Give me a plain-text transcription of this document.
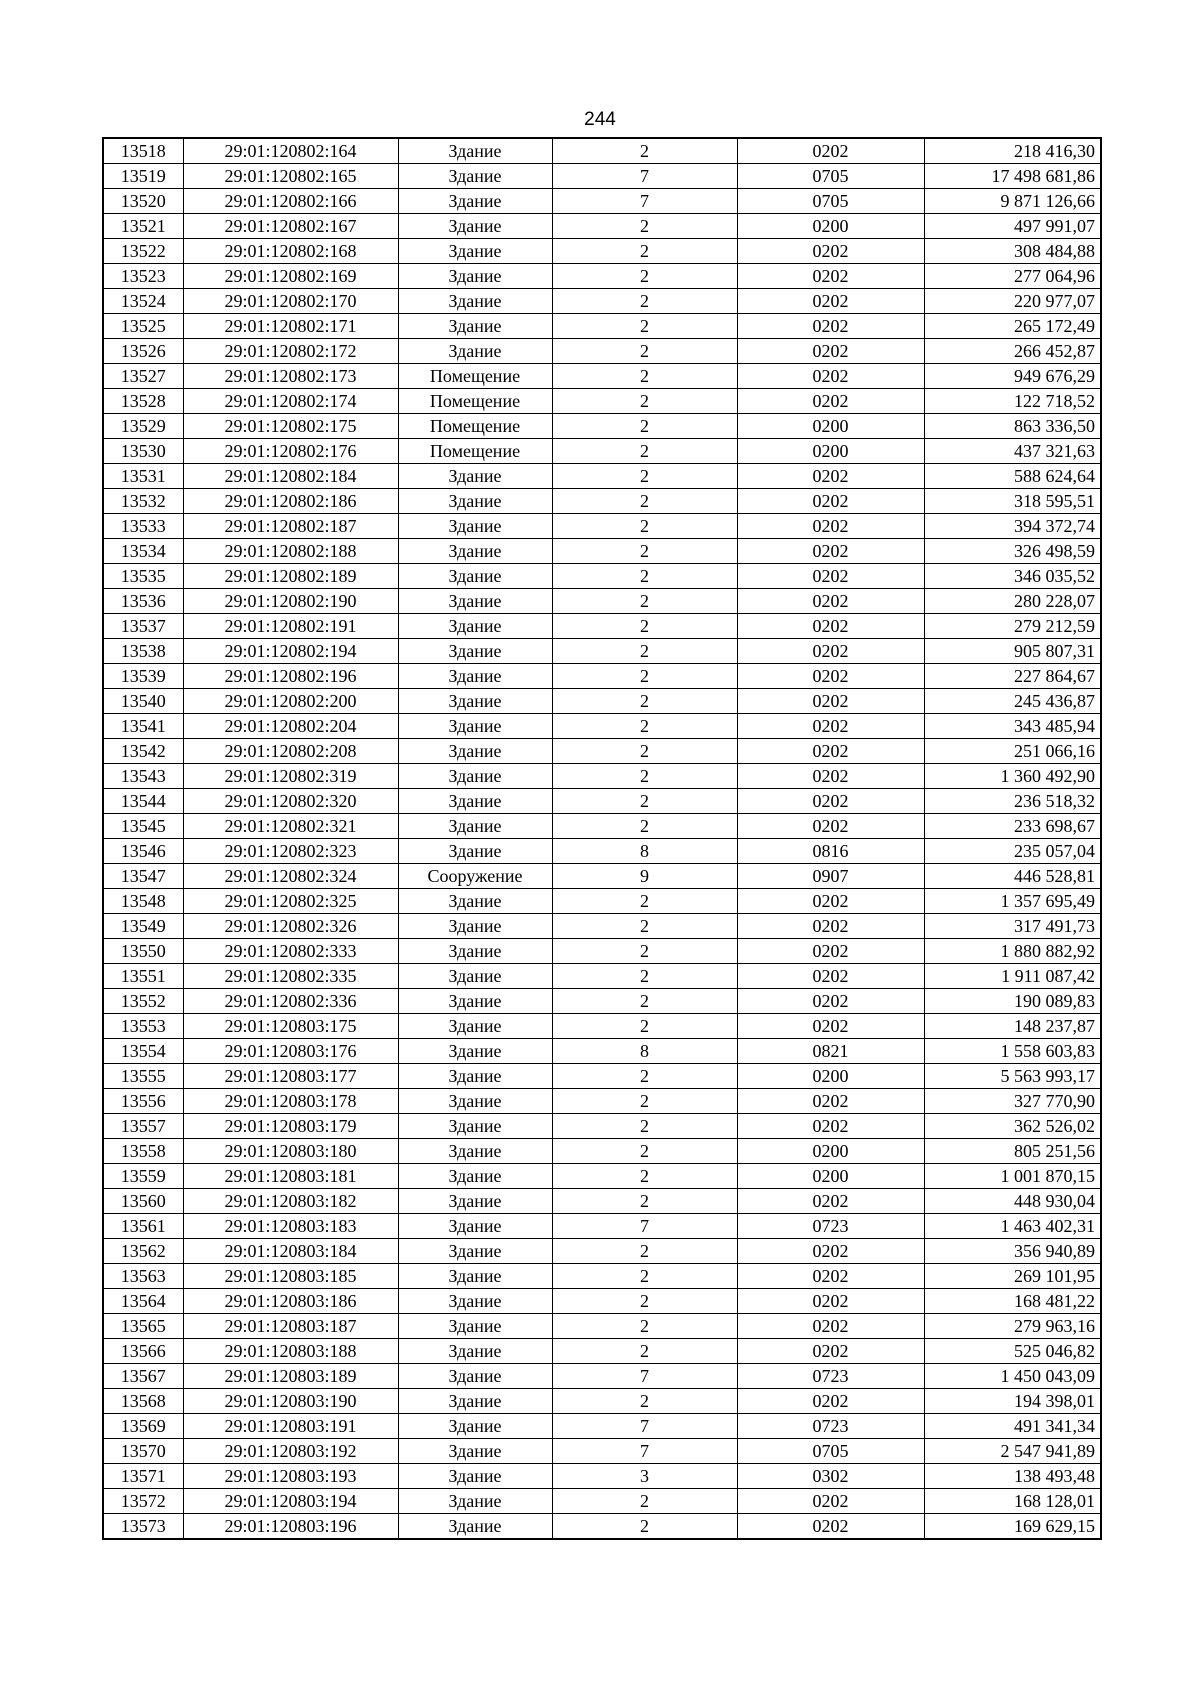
244
13518	29:01:120802:164	Здание	2	0202	218 416,30
13519	29:01:120802:165	Здание	7	0705	17 498 681,86
13520	29:01:120802:166	Здание	7	0705	9 871 126,66
13521	29:01:120802:167	Здание	2	0200	497 991,07
13522	29:01:120802:168	Здание	2	0202	308 484,88
13523	29:01:120802:169	Здание	2	0202	277 064,96
13524	29:01:120802:170	Здание	2	0202	220 977,07
13525	29:01:120802:171	Здание	2	0202	265 172,49
13526	29:01:120802:172	Здание	2	0202	266 452,87
13527	29:01:120802:173	Помещение	2	0202	949 676,29
13528	29:01:120802:174	Помещение	2	0202	122 718,52
13529	29:01:120802:175	Помещение	2	0200	863 336,50
13530	29:01:120802:176	Помещение	2	0200	437 321,63
13531	29:01:120802:184	Здание	2	0202	588 624,64
13532	29:01:120802:186	Здание	2	0202	318 595,51
13533	29:01:120802:187	Здание	2	0202	394 372,74
13534	29:01:120802:188	Здание	2	0202	326 498,59
13535	29:01:120802:189	Здание	2	0202	346 035,52
13536	29:01:120802:190	Здание	2	0202	280 228,07
13537	29:01:120802:191	Здание	2	0202	279 212,59
13538	29:01:120802:194	Здание	2	0202	905 807,31
13539	29:01:120802:196	Здание	2	0202	227 864,67
13540	29:01:120802:200	Здание	2	0202	245 436,87
13541	29:01:120802:204	Здание	2	0202	343 485,94
13542	29:01:120802:208	Здание	2	0202	251 066,16
13543	29:01:120802:319	Здание	2	0202	1 360 492,90
13544	29:01:120802:320	Здание	2	0202	236 518,32
13545	29:01:120802:321	Здание	2	0202	233 698,67
13546	29:01:120802:323	Здание	8	0816	235 057,04
13547	29:01:120802:324	Сооружение	9	0907	446 528,81
13548	29:01:120802:325	Здание	2	0202	1 357 695,49
13549	29:01:120802:326	Здание	2	0202	317 491,73
13550	29:01:120802:333	Здание	2	0202	1 880 882,92
13551	29:01:120802:335	Здание	2	0202	1 911 087,42
13552	29:01:120802:336	Здание	2	0202	190 089,83
13553	29:01:120803:175	Здание	2	0202	148 237,87
13554	29:01:120803:176	Здание	8	0821	1 558 603,83
13555	29:01:120803:177	Здание	2	0200	5 563 993,17
13556	29:01:120803:178	Здание	2	0202	327 770,90
13557	29:01:120803:179	Здание	2	0202	362 526,02
13558	29:01:120803:180	Здание	2	0200	805 251,56
13559	29:01:120803:181	Здание	2	0200	1 001 870,15
13560	29:01:120803:182	Здание	2	0202	448 930,04
13561	29:01:120803:183	Здание	7	0723	1 463 402,31
13562	29:01:120803:184	Здание	2	0202	356 940,89
13563	29:01:120803:185	Здание	2	0202	269 101,95
13564	29:01:120803:186	Здание	2	0202	168 481,22
13565	29:01:120803:187	Здание	2	0202	279 963,16
13566	29:01:120803:188	Здание	2	0202	525 046,82
13567	29:01:120803:189	Здание	7	0723	1 450 043,09
13568	29:01:120803:190	Здание	2	0202	194 398,01
13569	29:01:120803:191	Здание	7	0723	491 341,34
13570	29:01:120803:192	Здание	7	0705	2 547 941,89
13571	29:01:120803:193	Здание	3	0302	138 493,48
13572	29:01:120803:194	Здание	2	0202	168 128,01
13573	29:01:120803:196	Здание	2	0202	169 629,15
